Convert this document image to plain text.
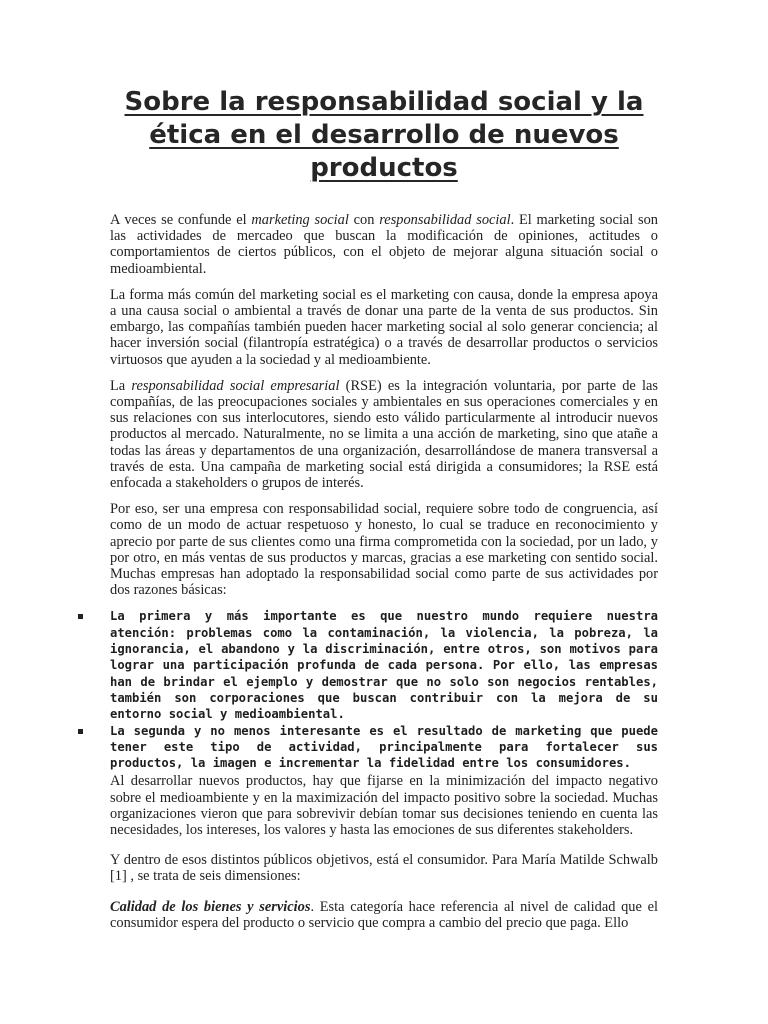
Sobre la responsabilidad social y la ética en el desarrollo de nuevos productos

A veces se confunde el marketing social con responsabilidad social. El marketing social son las actividades de mercadeo que buscan la modificación de opiniones, actitudes o comportamientos de ciertos públicos, con el objeto de mejorar alguna situación social o medioambiental.

La forma más común del marketing social es el marketing con causa, donde la empresa apoya a una causa social o ambiental a través de donar una parte de la venta de sus productos. Sin embargo, las compañías también pueden hacer marketing social al solo generar conciencia; al hacer inversión social (filantropía estratégica) o a través de desarrollar productos o servicios virtuosos que ayuden a la sociedad y al medioambiente.

La responsabilidad social empresarial (RSE) es la integración voluntaria, por parte de las compañías, de las preocupaciones sociales y ambientales en sus operaciones comerciales y en sus relaciones con sus interlocutores, siendo esto válido particularmente al introducir nuevos productos al mercado. Naturalmente, no se limita a una acción de marketing, sino que atañe a todas las áreas y departamentos de una organización, desarrollándose de manera transversal a través de esta. Una campaña de marketing social está dirigida a consumidores; la RSE está enfocada a stakeholders o grupos de interés.

Por eso, ser una empresa con responsabilidad social, requiere sobre todo de congruencia, así como de un modo de actuar respetuoso y honesto, lo cual se traduce en reconocimiento y aprecio por parte de sus clientes como una firma comprometida con la sociedad, por un lado, y por otro, en más ventas de sus productos y marcas, gracias a ese marketing con sentido social. Muchas empresas han adoptado la responsabilidad social como parte de sus actividades por dos razones básicas:

La primera y más importante es que nuestro mundo requiere nuestra atención: problemas como la contaminación, la violencia, la pobreza, la ignorancia, el abandono y la discriminación, entre otros, son motivos para lograr una participación profunda de cada persona. Por ello, las empresas han de brindar el ejemplo y demostrar que no solo son negocios rentables, también son corporaciones que buscan contribuir con la mejora de su entorno social y medioambiental.
La segunda y no menos interesante es el resultado de marketing que puede tener este tipo de actividad, principalmente para fortalecer sus productos, la imagen e incrementar la fidelidad entre los consumidores.

Al desarrollar nuevos productos, hay que fijarse en la minimización del impacto negativo sobre el medioambiente y en la maximización del impacto positivo sobre la sociedad. Muchas organizaciones vieron que para sobrevivir debían tomar sus decisiones teniendo en cuenta las necesidades, los intereses, los valores y hasta las emociones de sus diferentes stakeholders.

Y dentro de esos distintos públicos objetivos, está el consumidor. Para María Matilde Schwalb [1] , se trata de seis dimensiones:

Calidad de los bienes y servicios. Esta categoría hace referencia al nivel de calidad que el consumidor espera del producto o servicio que compra a cambio del precio que paga. Ello
